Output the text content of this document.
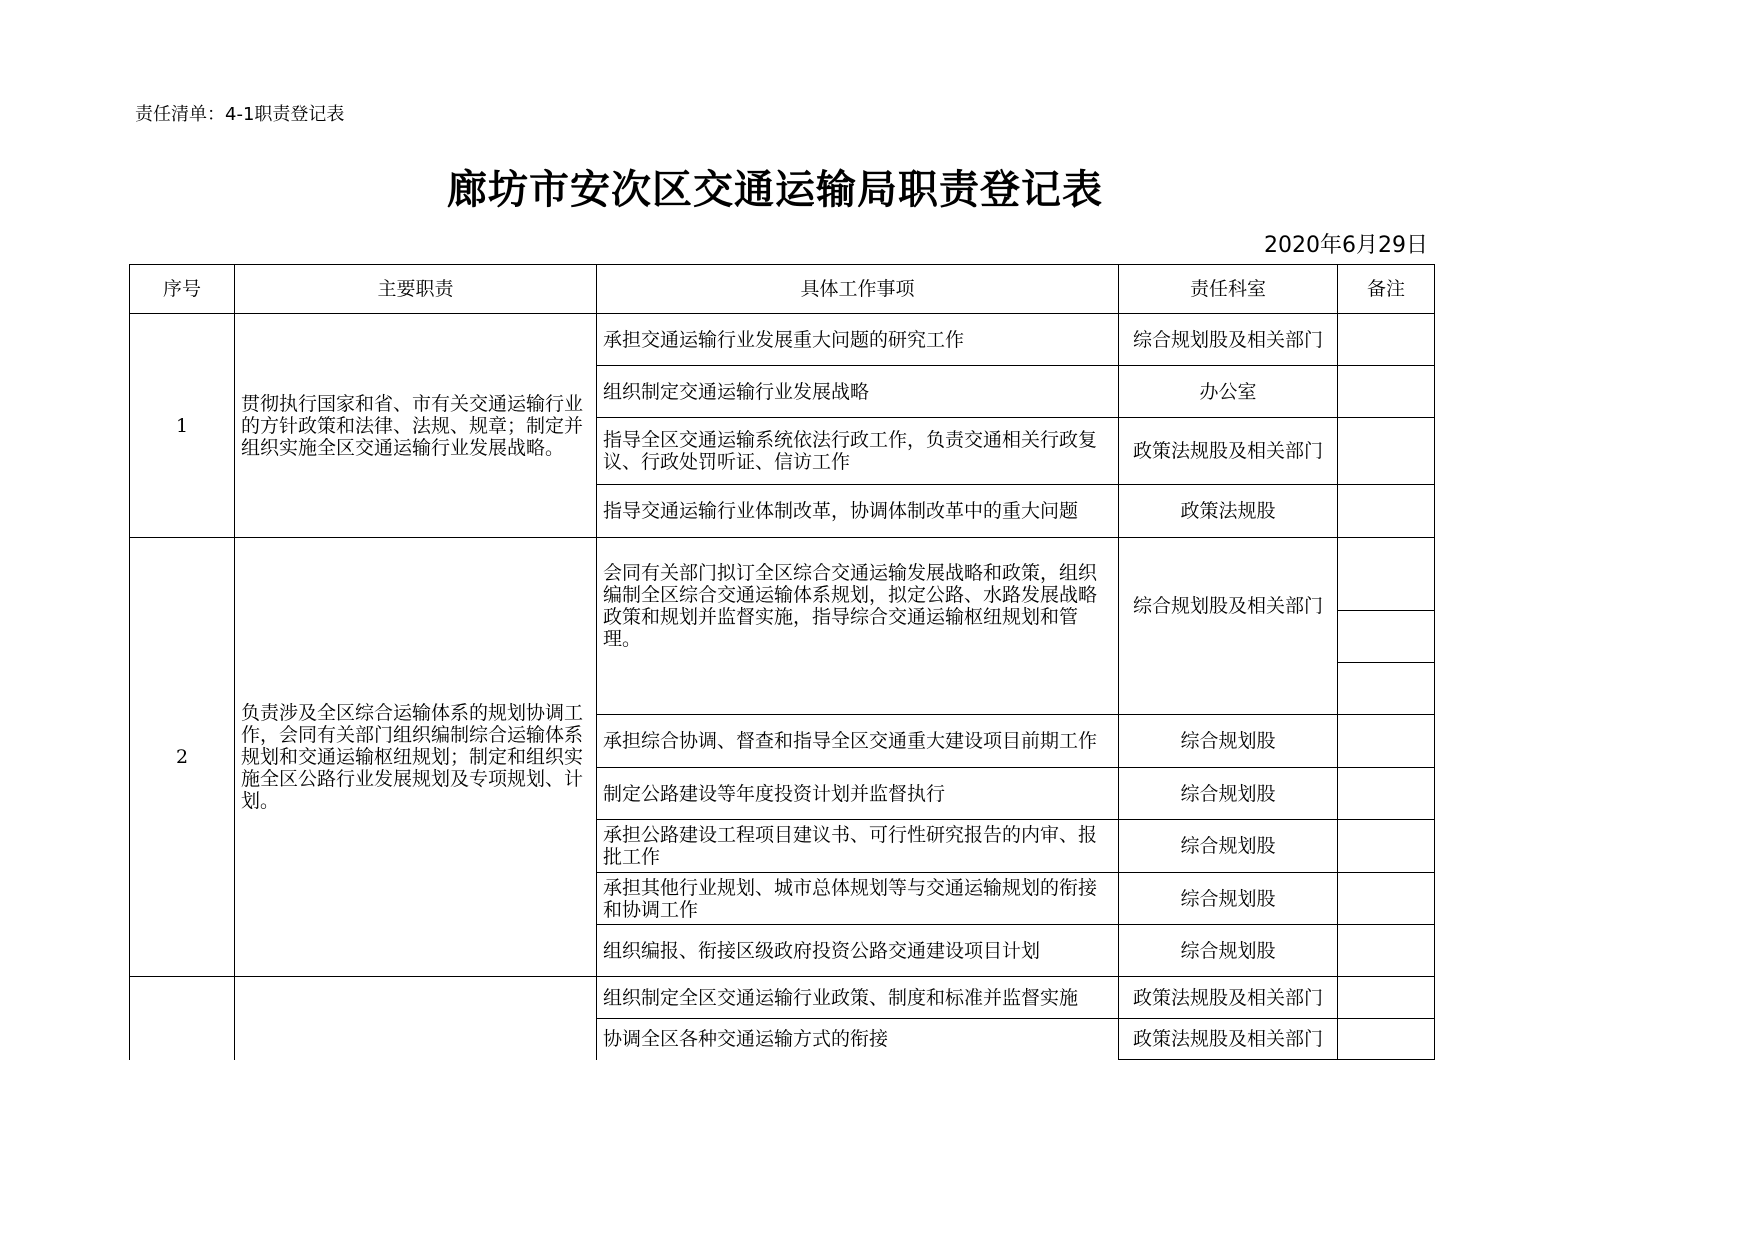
责任清单：4-1职责登记表
廊坊市安次区交通运输局职责登记表
2020年6月29日
序号	主要职责	具体工作事项	责任科室	备注
1	贯彻执行国家和省、市有关交通运输行业的方针政策和法律、法规、规章；制定并组织实施全区交通运输行业发展战略。	承担交通运输行业发展重大问题的研究工作	综合规划股及相关部门	
		组织制定交通运输行业发展战略	办公室	
		指导全区交通运输系统依法行政工作，负责交通相关行政复议、行政处罚听证、信访工作	政策法规股及相关部门	
		指导交通运输行业体制改革，协调体制改革中的重大问题	政策法规股	
2	负责涉及全区综合运输体系的规划协调工作，会同有关部门组织编制综合运输体系规划和交通运输枢纽规划；制定和组织实施全区公路行业发展规划及专项规划、计划。	会同有关部门拟订全区综合交通运输发展战略和政策，组织编制全区综合交通运输体系规划，拟定公路、水路发展战略政策和规划并监督实施，指导综合交通运输枢纽规划和管理。	综合规划股及相关部门	

		承担综合协调、督查和指导全区交通重大建设项目前期工作	综合规划股	
		制定公路建设等年度投资计划并监督执行	综合规划股	
		承担公路建设工程项目建议书、可行性研究报告的内审、报批工作	综合规划股	
		承担其他行业规划、城市总体规划等与交通运输规划的衔接和协调工作	综合规划股	
		组织编报、衔接区级政府投资公路交通建设项目计划	综合规划股	
		组织制定全区交通运输行业政策、制度和标准并监督实施	政策法规股及相关部门	
		协调全区各种交通运输方式的衔接	政策法规股及相关部门	
